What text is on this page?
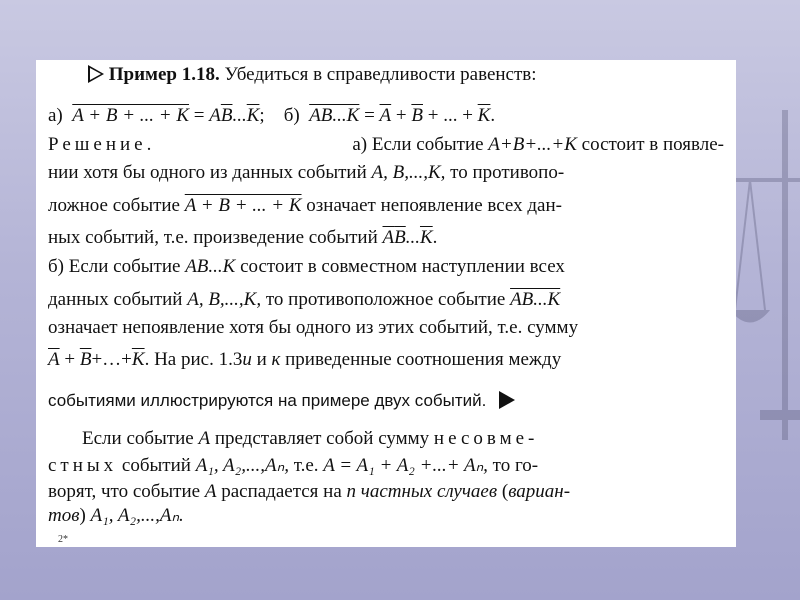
Пример 1.18. Убедиться в справедливости равенств:
а) A + B + ... + $K = A\overline{B}...\overline{K}$; б) $AB...K = \overline{A} + \overline{B}$ + ... + $\overline{K}$.
Решение.	а) Если событие A+B+...+K состоит в появле-
нии хотя бы одного из данных событий A, B,...,K, то противопо-
ложное событие A + B + ... + K означает непоявление всех дан-
ных событий, т.е. произведение событий $\overline{A}\overline{B}...\overline{K}$.
б) Если событие AB...K состоит в совместном наступлении всех
данных событий A, B,...,K, то противоположное событие AB...K
означает непоявление хотя бы одного из этих событий, т.е. сумму
$\overline{A}$ + $\overline{B}+\dots+\overline{K}$. На рис. 1.3и и к приведенные соотношения между
событиями иллюстрируются на примере двух событий.
Если событие A представляет собой сумму несовме-
стных событий A₁, A₂,...,Aₙ, т.е. A = A₁ + A₂ +...+ Aₙ, то го-
ворят, что событие A распадается на n частных случаев (вариан-
тов) A₁, A₂,...,Aₙ.
2*
